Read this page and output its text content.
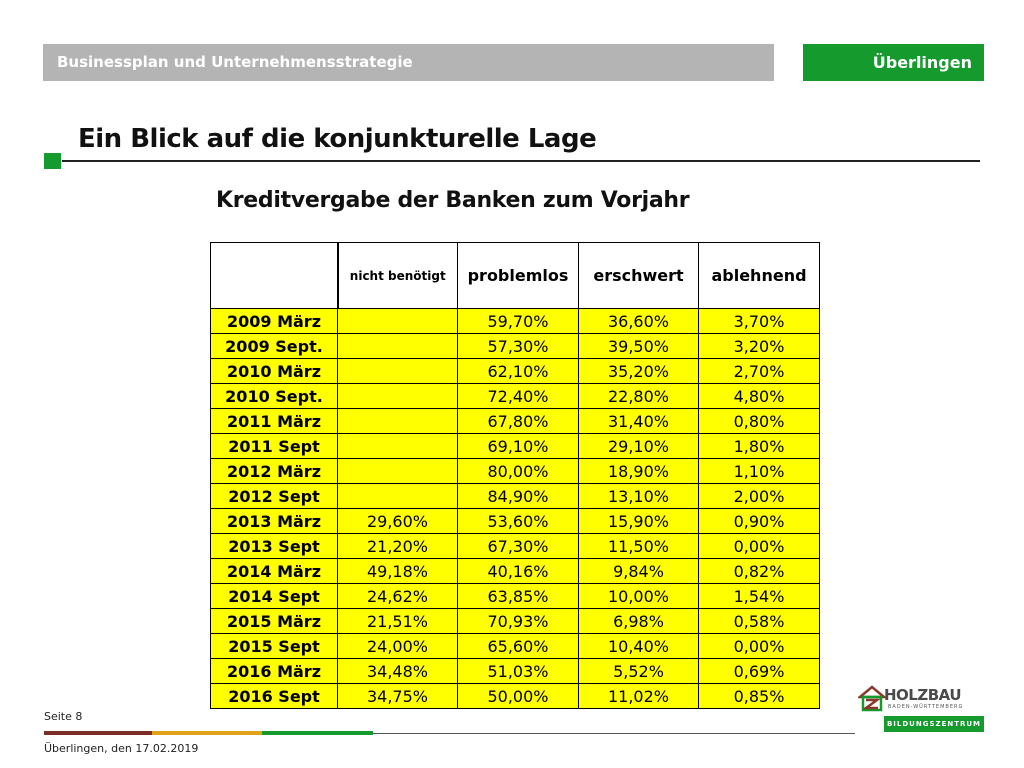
Businessplan und Unternehmensstrategie	Überlingen
Ein Blick auf die konjunkturelle Lage
Kreditvergabe der Banken zum Vorjahr
	nicht benötigt	problemlos	erschwert	ablehnend
2009 März		59,70%	36,60%	3,70%
2009 Sept.		57,30%	39,50%	3,20%
2010 März		62,10%	35,20%	2,70%
2010 Sept.		72,40%	22,80%	4,80%
2011 März		67,80%	31,40%	0,80%
2011 Sept		69,10%	29,10%	1,80%
2012 März		80,00%	18,90%	1,10%
2012 Sept		84,90%	13,10%	2,00%
2013 März	29,60%	53,60%	15,90%	0,90%
2013 Sept	21,20%	67,30%	11,50%	0,00%
2014 März	49,18%	40,16%	9,84%	0,82%
2014 Sept	24,62%	63,85%	10,00%	1,54%
2015 März	21,51%	70,93%	6,98%	0,58%
2015 Sept	24,00%	65,60%	10,40%	0,00%
2016 März	34,48%	51,03%	5,52%	0,69%
2016 Sept	34,75%	50,00%	11,02%	0,85%
Seite 8
Überlingen, den 17.02.2019
HOLZBAU
BADEN-WÜRTTEMBERG
BILDUNGSZENTRUM
